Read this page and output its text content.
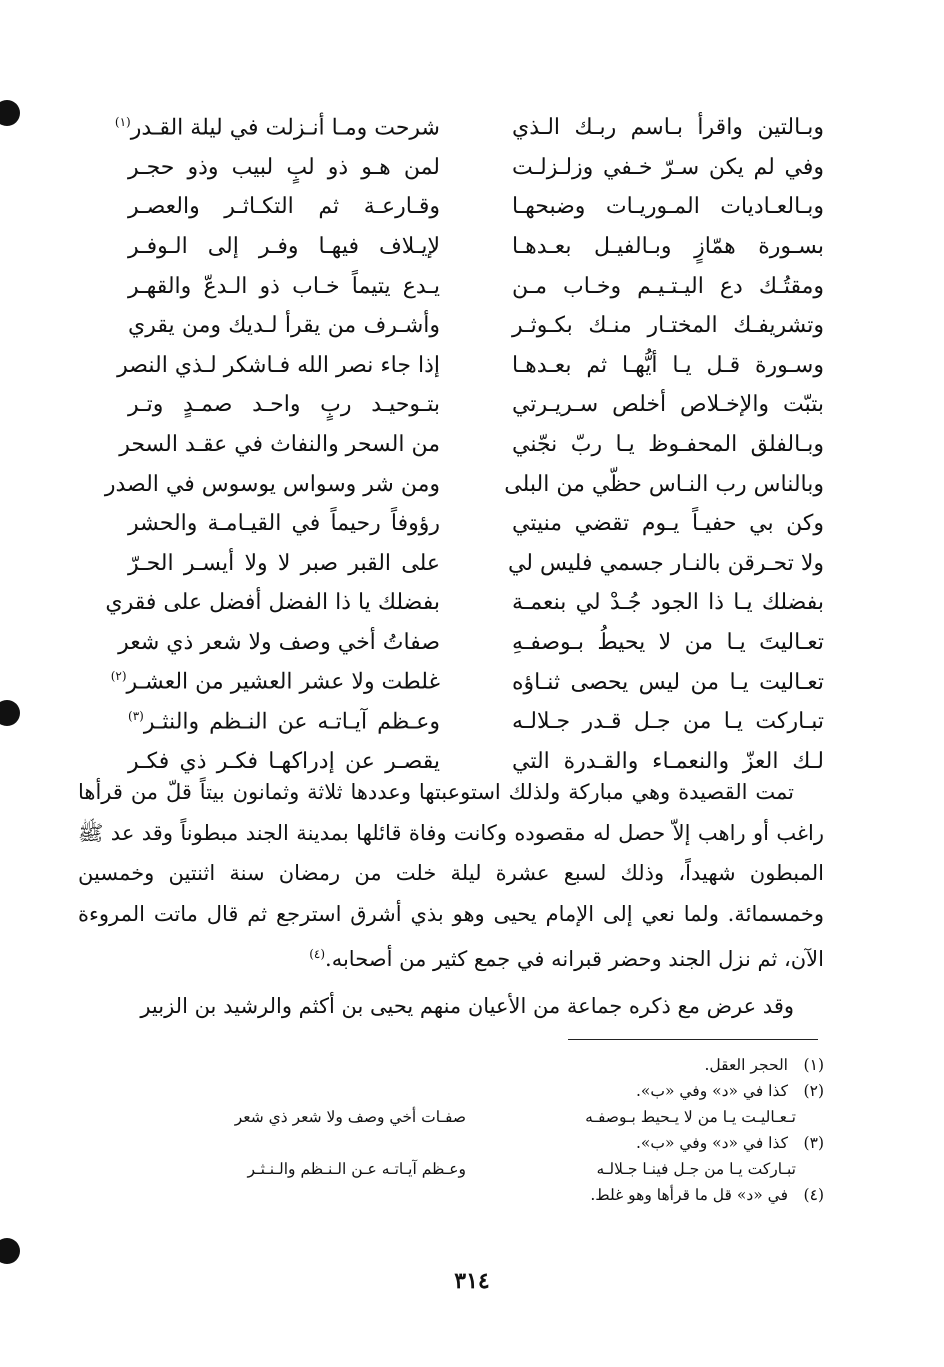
وبـالتين واقرأ بـاسم ربـك الـذي
شرحت ومـا أنـزلت في ليلة القـدر$^{(١)}$
وفي لم يكن سـرّ خـفي وزلـزلـت
لمن هـو ذو لبٍ لبيب وذو حجـر
وبـالعـاديات المـوريـات وضبحهـا
وقـارعـة ثم التكـاثـر والعصـر
بسـورة همّازٍ وبـالفيـل بعـدهـا
لإيـلاف فيهـا وفـر إلى الـوفـر
ومقتُـك دع اليـتـيـم وخـاب مـن
يـدع يتيماً خـاب ذو الـدعّ والقهـر
وتشريفـك المختـار منـك بكـوثـر
وأشـرف من يقرأ لـديك ومن يقري
وسـورة قـل يـا أيُّهـا ثم بعـدهـا
إذا جاء نصر الله فـاشكر لـذي النصر
بتبّت والإخـلاص أخلص سـريـرتي
بتـوحيـد ربٍ واحـد صمـدٍ وتـر
وبـالفلق المحفـوظ يـا ربّ نجّني
من السحر والنفاث في عقـد السحر
وبالناس رب النـاس حظّي من البلى
ومن شر وسواس يوسوس في الصدر
وكن بي حفيـاً يـوم تقضي منيتي
رؤوفاً رحيماً في القيـامـة والحشر
ولا تحـرقن بالنـار جسمي فليس لي
على القبر صبر لا ولا أيسـر الحـرّ
بفضلك يـا ذا الجود جُـدْ لي بنعمـة
بفضلك يا ذا الفضل أفضل على فقري
تعـاليتَ يـا من لا يحيطُ بـوصفـهِ
صفاتُ أخي وصف ولا شعر ذي شعر
تعـاليت يـا من ليس يحصى ثنـاؤه
غلطت ولا عشر العشير من العشـر$^{(٢)}$
تبـاركت يـا من جـل قـدر جـلالـه
وعـظم آيـاتـه عن النـظم والنثـر$^{(٣)}$
لـك العزّ والنعمـاء والقـدرة التي
يقصـر عن إدراكهـا فكـر ذي فكـر

تمت القصيدة وهي مباركة ولذلك استوعبتها وعددها ثلاثة وثمانون بيتاً قلّ من قرأها راغب أو راهب إلاّ حصل له مقصوده وكانت وفاة قائلها بمدينة الجند مبطوناً وقد عد ﷺ المبطون شهيداً، وذلك لسبع عشرة ليلة خلت من رمضان سنة اثنتين وخمسين وخمسمائة. ولما نعي إلى الإمام يحيى وهو بذي أشرق استرجع ثم قال ماتت المروءة الآن، ثم نزل الجند وحضر قبرانه في جمع كثير من أصحابه.$^{(٤)}$

وقد عرض مع ذكره جماعة من الأعيان منهم يحيى بن أكثم والرشيد بن الزبير

(١)الحجر العقل.
(٢)كذا في «د» وفي «ب».
تـعـاليـت يـا من لا يـحيط بـوصفـه
صفـات أخي وصف ولا شعر ذي شعر
(٣)كذا في «د» وفي «ب».
تبـاركت يـا من جـل فينـا جـلالـه
وعـظم آيـاتـه عـن الـنـظم والـنـثـر
(٤)في «د» قل ما قرأها وهو غلط.
٣١٤
